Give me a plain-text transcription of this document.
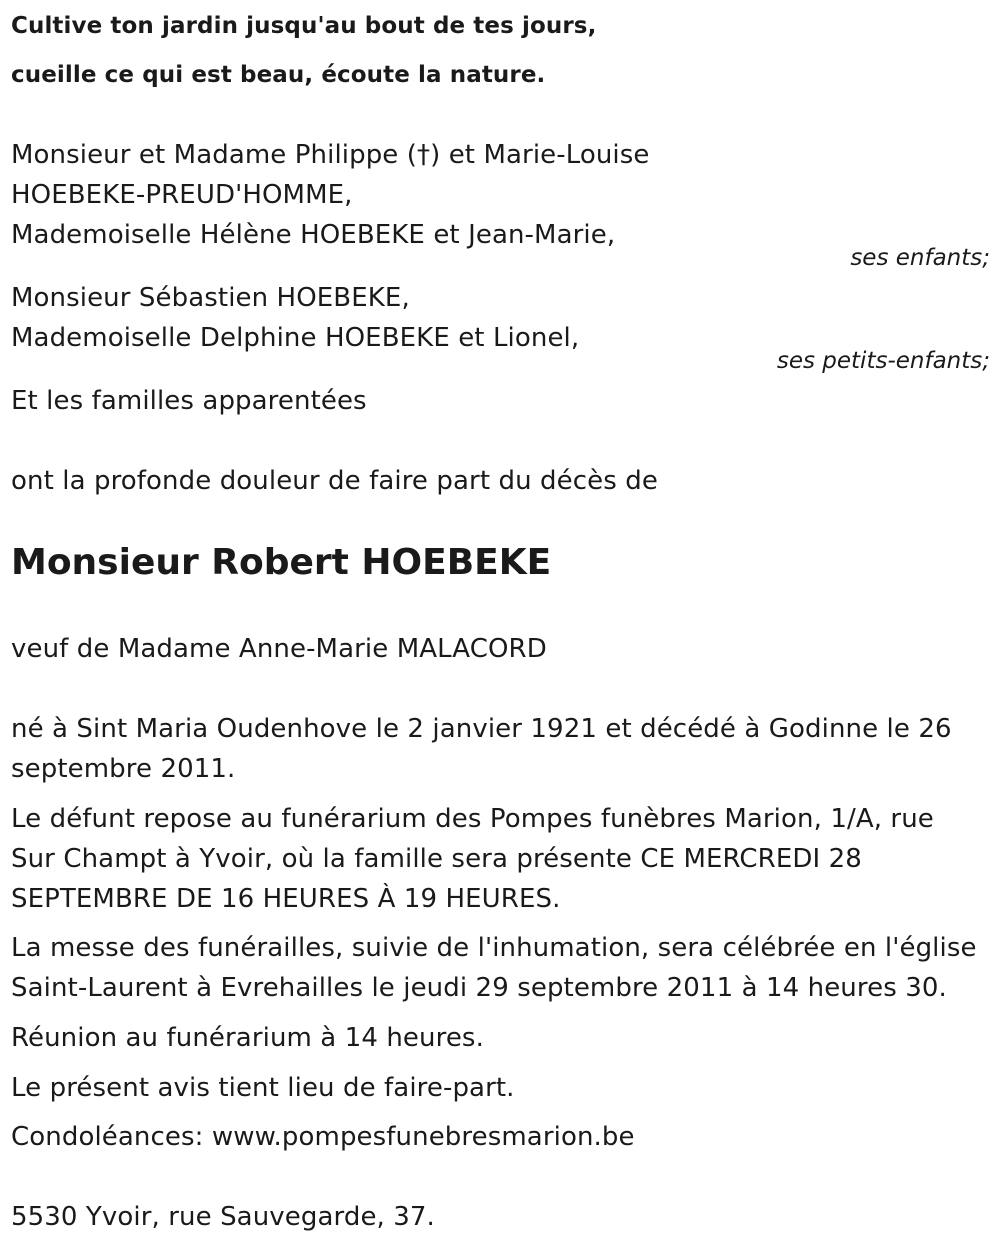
Cultive ton jardin jusqu'au bout de tes jours,
cueille ce qui est beau, écoute la nature.
Monsieur et Madame Philippe (†) et Marie-Louise
HOEBEKE-PREUD'HOMME,
Mademoiselle Hélène HOEBEKE et Jean-Marie,
ses enfants;
Monsieur Sébastien HOEBEKE,
Mademoiselle Delphine HOEBEKE et Lionel,
ses petits-enfants;
Et les familles apparentées
ont la profonde douleur de faire part du décès de
Monsieur Robert HOEBEKE
veuf de Madame Anne-Marie MALACORD
né à Sint Maria Oudenhove le 2 janvier 1921 et décédé à Godinne le 26
septembre 2011.
Le défunt repose au funérarium des Pompes funèbres Marion, 1/A, rue
Sur Champt à Yvoir, où la famille sera présente CE MERCREDI 28
SEPTEMBRE DE 16 HEURES À 19 HEURES.
La messe des funérailles, suivie de l'inhumation, sera célébrée en l'église
Saint-Laurent à Evrehailles le jeudi 29 septembre 2011 à 14 heures 30.
Réunion au funérarium à 14 heures.
Le présent avis tient lieu de faire-part.
Condoléances: www.pompesfunebresmarion.be
5530 Yvoir, rue Sauvegarde, 37.
